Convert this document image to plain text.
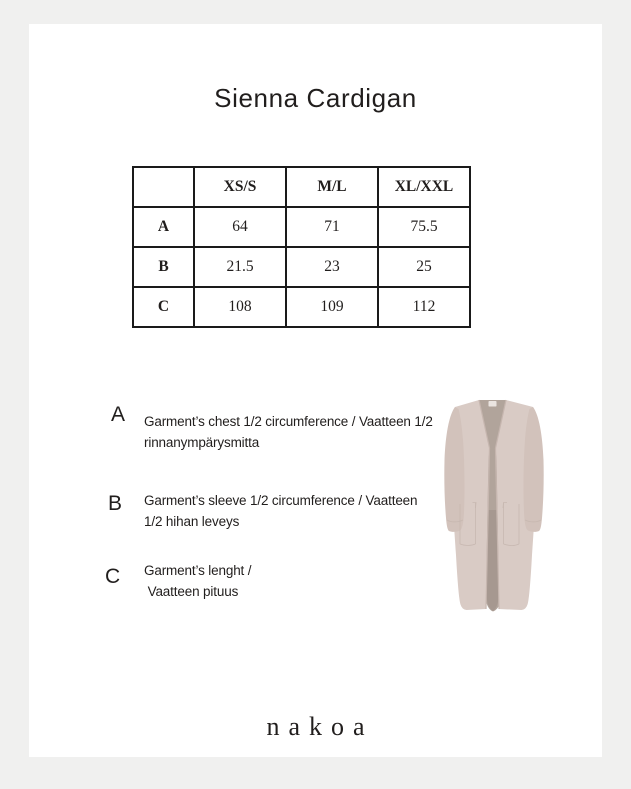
Sienna Cardigan
	XS/S	M/L	XL/XXL
A	64	71	75.5
B	21.5	23	25
C	108	109	112
A Garment’s chest 1/2 circumference / Vaatteen 1/2
rinnanympärysmitta
B Garment’s sleeve 1/2 circumference / Vaatteen
1/2 hihan leveys
C Garment’s lenght /
Vaatteen pituus
nakoa
